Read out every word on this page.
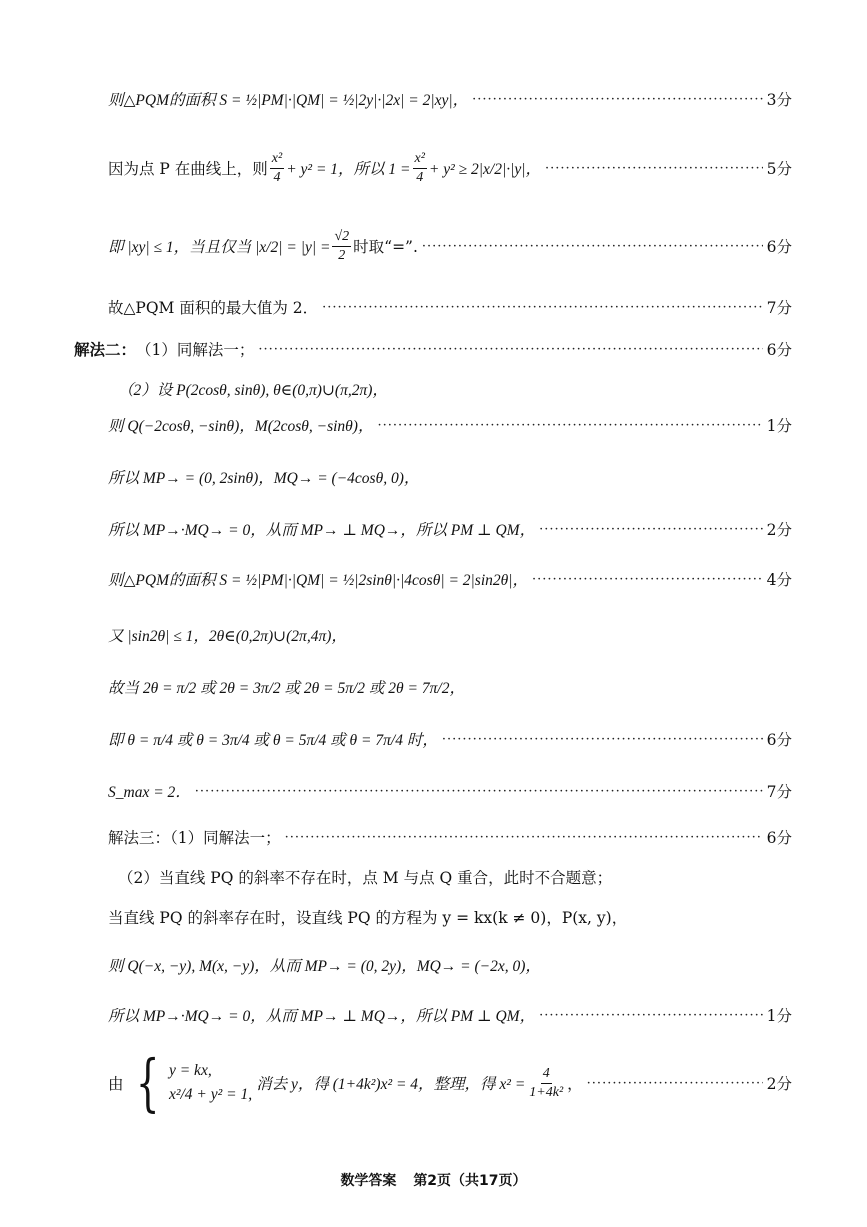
则△PQM的面积 S = ½|PM|·|QM| = ½|2y|·|2x| = 2|xy|， ·····	3分
因为点 P 在曲线上，则 $\frac{\text{x²}}{4} + y^2 = 1$，所以 $1 = \frac{\text{x²}}{4} + y^2 \ge 2|x/2|\cdot|y|$， ·····	5分
即 |xy| ≤ 1，当且仅当 $|x/2| = |y| = \frac{√2}{2}$ 时取“=”. ·····	6分
故△PQM 面积的最大值为 2． ·····	7分
解法二： （1）同解法一； ·····	6分
（2）设 P(2cosθ, sinθ), θ∈(0,π)∪(π,2π)，
则 Q(−2cosθ, −sinθ)，M(2cosθ, −sinθ)， ·····	1分
所以 MP→ = (0, 2sinθ)，MQ→ = (−4cosθ, 0)，
所以 MP→·MQ→ = 0，从而 MP→ ⊥ MQ→，所以 PM ⊥ QM， ·····	2分
则△PQM的面积 S = ½|PM|·|QM| = ½|2sinθ|·|4cosθ| = 2|sin2θ|， ·····	4分
又 |sin2θ| ≤ 1，2θ∈(0,2π)∪(2π,4π)，
故当 2θ = π/2 或 2θ = 3π/2 或 2θ = 5π/2 或 2θ = 7π/2，
即 θ = π/4 或 θ = 3π/4 或 θ = 5π/4 或 θ = 7π/4 时， ·····	6分
S_max = 2． ·····	7分
解法三：（1）同解法一； ·····	6分
（2）当直线 PQ 的斜率不存在时，点 M 与点 Q 重合，此时不合题意；
当直线 PQ 的斜率存在时，设直线 PQ 的方程为 y = kx(k ≠ 0)，P(x, y)，
则 Q(−x, −y), M(x, −y)，从而 MP→ = (0, 2y)，MQ→ = (−2x, 0)，
所以 MP→·MQ→ = 0，从而 MP→ ⊥ MQ→，所以 PM ⊥ QM， ·····	1分
由 { y = kx,
x²/4 + y² = 1,
消去 y，得 (1+4k²)x² = 4，整理，得 $x^2 = \frac{4}{\text{1+4k²}}$ ， ·····	2分
数学答案 第2页（共17页）
